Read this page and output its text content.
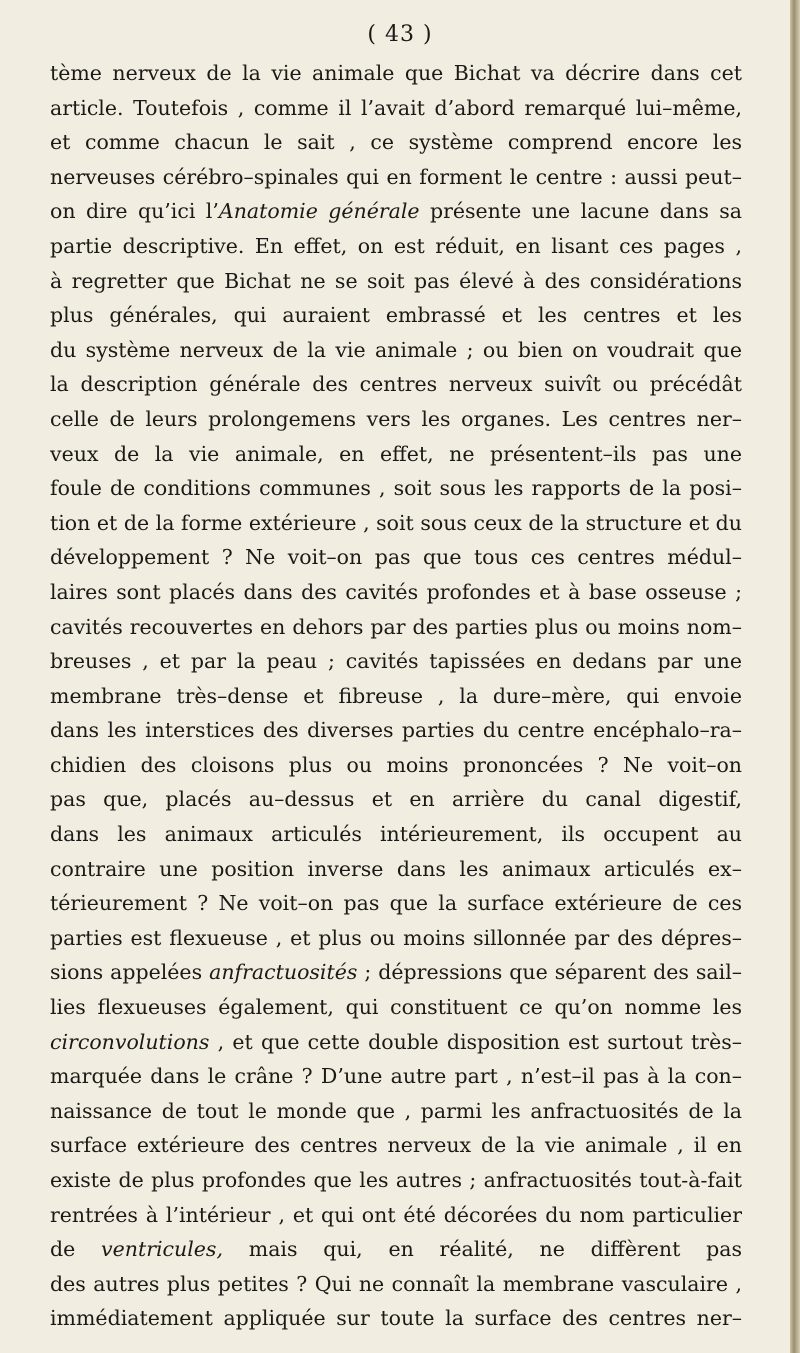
( 43 )
tème nerveux de la vie animale que Bichat va décrire dans cet
article. Toutefois , comme il l’avait d’abord remarqué lui–même,
et comme chacun le sait , ce système comprend encore les
nerveuses cérébro–spinales qui en forment le centre : aussi peut–
on dire qu’ici l’Anatomie générale présente une lacune dans sa
partie descriptive. En effet, on est réduit, en lisant ces pages ,
à regretter que Bichat ne se soit pas élevé à des considérations
plus générales, qui auraient embrassé et les centres et les
du système nerveux de la vie animale ; ou bien on voudrait que
la description générale des centres nerveux suivît ou précédât
celle de leurs prolongemens vers les organes. Les centres ner–
veux de la vie animale, en effet, ne présentent–ils pas une
foule de conditions communes , soit sous les rapports de la posi–
tion et de la forme extérieure , soit sous ceux de la structure et du
développement ? Ne voit–on pas que tous ces centres médul–
laires sont placés dans des cavités profondes et à base osseuse ;
cavités recouvertes en dehors par des parties plus ou moins nom–
breuses , et par la peau ; cavités tapissées en dedans par une
membrane très–dense et fibreuse , la dure–mère, qui envoie
dans les interstices des diverses parties du centre encéphalo–ra–
chidien des cloisons plus ou moins prononcées ? Ne voit–on
pas que, placés au–dessus et en arrière du canal digestif,
dans les animaux articulés intérieurement, ils occupent au
contraire une position inverse dans les animaux articulés ex–
térieurement ? Ne voit–on pas que la surface extérieure de ces
parties est flexueuse , et plus ou moins sillonnée par des dépres–
sions appelées anfractuosités ; dépressions que séparent des sail–
lies flexueuses également, qui constituent ce qu’on nomme les
circonvolutions , et que cette double disposition est surtout très–
marquée dans le crâne ? D’une autre part , n’est–il pas à la con–
naissance de tout le monde que , parmi les anfractuosités de la
surface extérieure des centres nerveux de la vie animale , il en
existe de plus profondes que les autres ; anfractuosités tout-à-fait
rentrées à l’intérieur , et qui ont été décorées du nom particulier
de ventricules, mais qui, en réalité, ne diffèrent pas
des autres plus petites ? Qui ne connaît la membrane vasculaire ,
immédiatement appliquée sur toute la surface des centres ner–
